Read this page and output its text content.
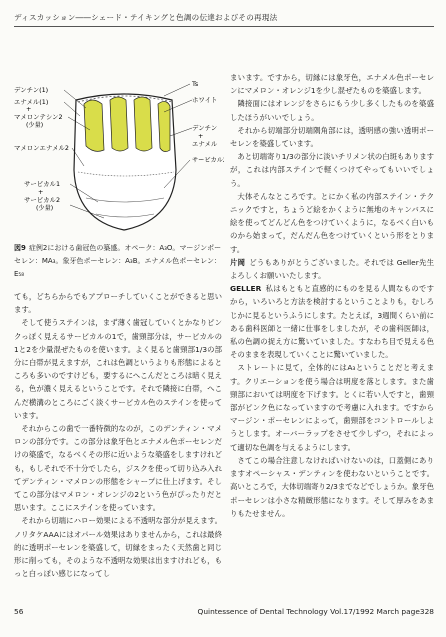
ディスカッション――シェード・テイキングと色調の伝達およびその再現法
デンチン(1)
エナメル(1)
+
マメロンテシン2
(少量)
マメロンエナメル2
サービカル1
+
サービカル2
(少量)
Ts
ホワイト
デンチン
+
エナメル
サービカル2
図9 症例2における歯冠色の築盛。オペーク：A₃O。マージンポーセレン：MA₃。象牙色ポーセレン：A₃B。エナメル色ポーセレン：E₅₈

ても，どちらからでもアプローチしていくことができると思います。

そして使うステインは，まず薄く歯冠していくとかなりピンクっぽく見えるサービカルの1で，歯頸部分は，サービカルの1と2を少量混ぜたものを使います。よく見ると歯頸部1/3の部分に白帯が見えますが，これは色調というよりも形態によるところも多いのですけども，要するにへこんだところは暗く見える，色が濃く見えるということです。それで隣接に白帯，へこんだ横溝のところにごく淡くサービカル色のステインを使っています。

それからこの歯で一番特徴的なのが，このデンティン・マメロンの部分です。この部分は象牙色とエナメル色ポーセレンだけの築盛で，なるべくその形に近いような築盛をしますけれども，もしそれで不十分でしたら，ジスクを使って切り込み入れてデンティン・マメロンの形態をシャープに仕上げます。そしてこの部分はマメロン・オレンジの2という色がぴったりだと思います。ここにステインを使っています。

それから切端にハロー効果による不透明な部分が見えます。ノリタケAAAにはオパール効果はありませんから，これは最終的に透明ポーセレンを築盛して，切縁をまったく天然歯と同じ形に削っても，そのような不透明な効果は出ますけれども，もっと白っぽい感じになってし

まいます。ですから，切縁には象牙色，エナメル色ポーセレンにマメロン・オレンジ1を少し混ぜたものを築盛します。

隣接面にはオレンジをさらにもう少し多くしたものを築盛したほうがいいでしょう。

それから切端部分切端隅角部には，透明感の強い透明ポーセレンを築盛しています。

あと切端寄り1/3の部分に淡いチリメン状の白斑もありますが，これは内部ステインで軽くつけてやってもいいでしょう。

大体そんなところです。とにかく私の内部ステイン・テクニックですと，ちょうど絵をかくように無地のキャンバスに絵を使ってどんどん色をつけていくように，なるべく白いものから始まって，だんだん色をつけていくという形をとります。

片岡 どうもありがとうございました。それでは Geller先生よろしくお願いいたします。

GELLER 私はもともと直感的にものを見る人間なものですから，いろいろと方法を検討するということよりも，むしろじかに見るというふうにします。たとえば，3週間くらい前にある歯科医師と一緒に仕事をしましたが，その歯科医師は，私の色調の捉え方に驚いていました。すなわち目で見える色そのままを表現していくことに驚いていました。

ストレートに見て，全体的にはA₃ということだと考えます。クリエーションを使う場合は明度を落とします。また歯頸部においては明度を下げます。とくに若い人ですと，歯頸部がピンク色になっていますので考慮に入れます。ですからマージン・ポーセレンによって，歯頸部をコントロールしようとします。オーバーラップをさせて少しずつ，それによって適切な色調を与えるようにします。

さてこの場合注意しなければいけないのは，口蓋側にありますオペーシャス・デンティンを使わないということです。高いところで，大体切端寄り2/3までなどでしょうか。象牙色ポーセレンは小さな精緻形態になります。そして厚みをあまりもたせません。

56	Quintessence of Dental Technology Vol.17/1992 March page328
